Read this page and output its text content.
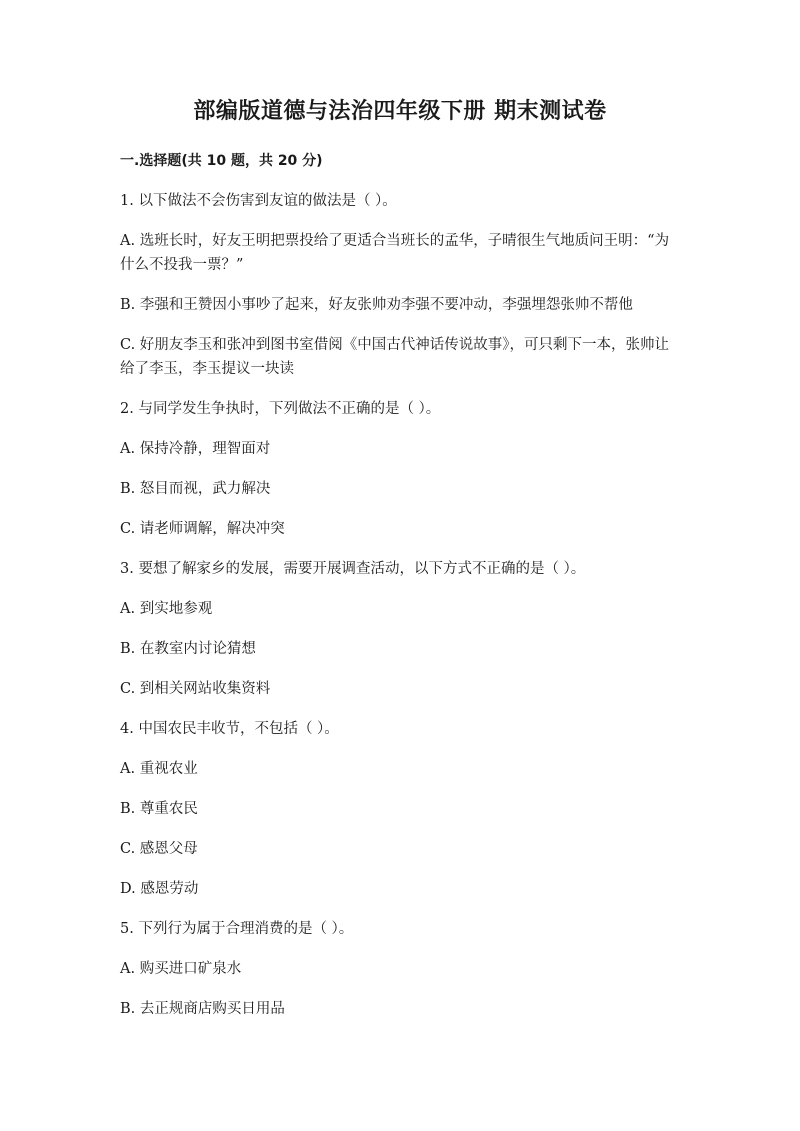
部编版道德与法治四年级下册 期末测试卷
一.选择题(共 10 题，共 20 分)
1. 以下做法不会伤害到友谊的做法是（ ）。
A. 选班长时，好友王明把票投给了更适合当班长的孟华，子晴很生气地质问王明：“为什么不投我一票？”
B. 李强和王赞因小事吵了起来，好友张帅劝李强不要冲动，李强埋怨张帅不帮他
C. 好朋友李玉和张冲到图书室借阅《中国古代神话传说故事》，可只剩下一本，张帅让给了李玉，李玉提议一块读
2. 与同学发生争执时，下列做法不正确的是（ ）。
A. 保持冷静，理智面对
B. 怒目而视，武力解决
C. 请老师调解，解决冲突
3. 要想了解家乡的发展，需要开展调查活动，以下方式不正确的是（ ）。
A. 到实地参观
B. 在教室内讨论猜想
C. 到相关网站收集资料
4. 中国农民丰收节，不包括（ ）。
A. 重视农业
B. 尊重农民
C. 感恩父母
D. 感恩劳动
5. 下列行为属于合理消费的是（ ）。
A. 购买进口矿泉水
B. 去正规商店购买日用品
